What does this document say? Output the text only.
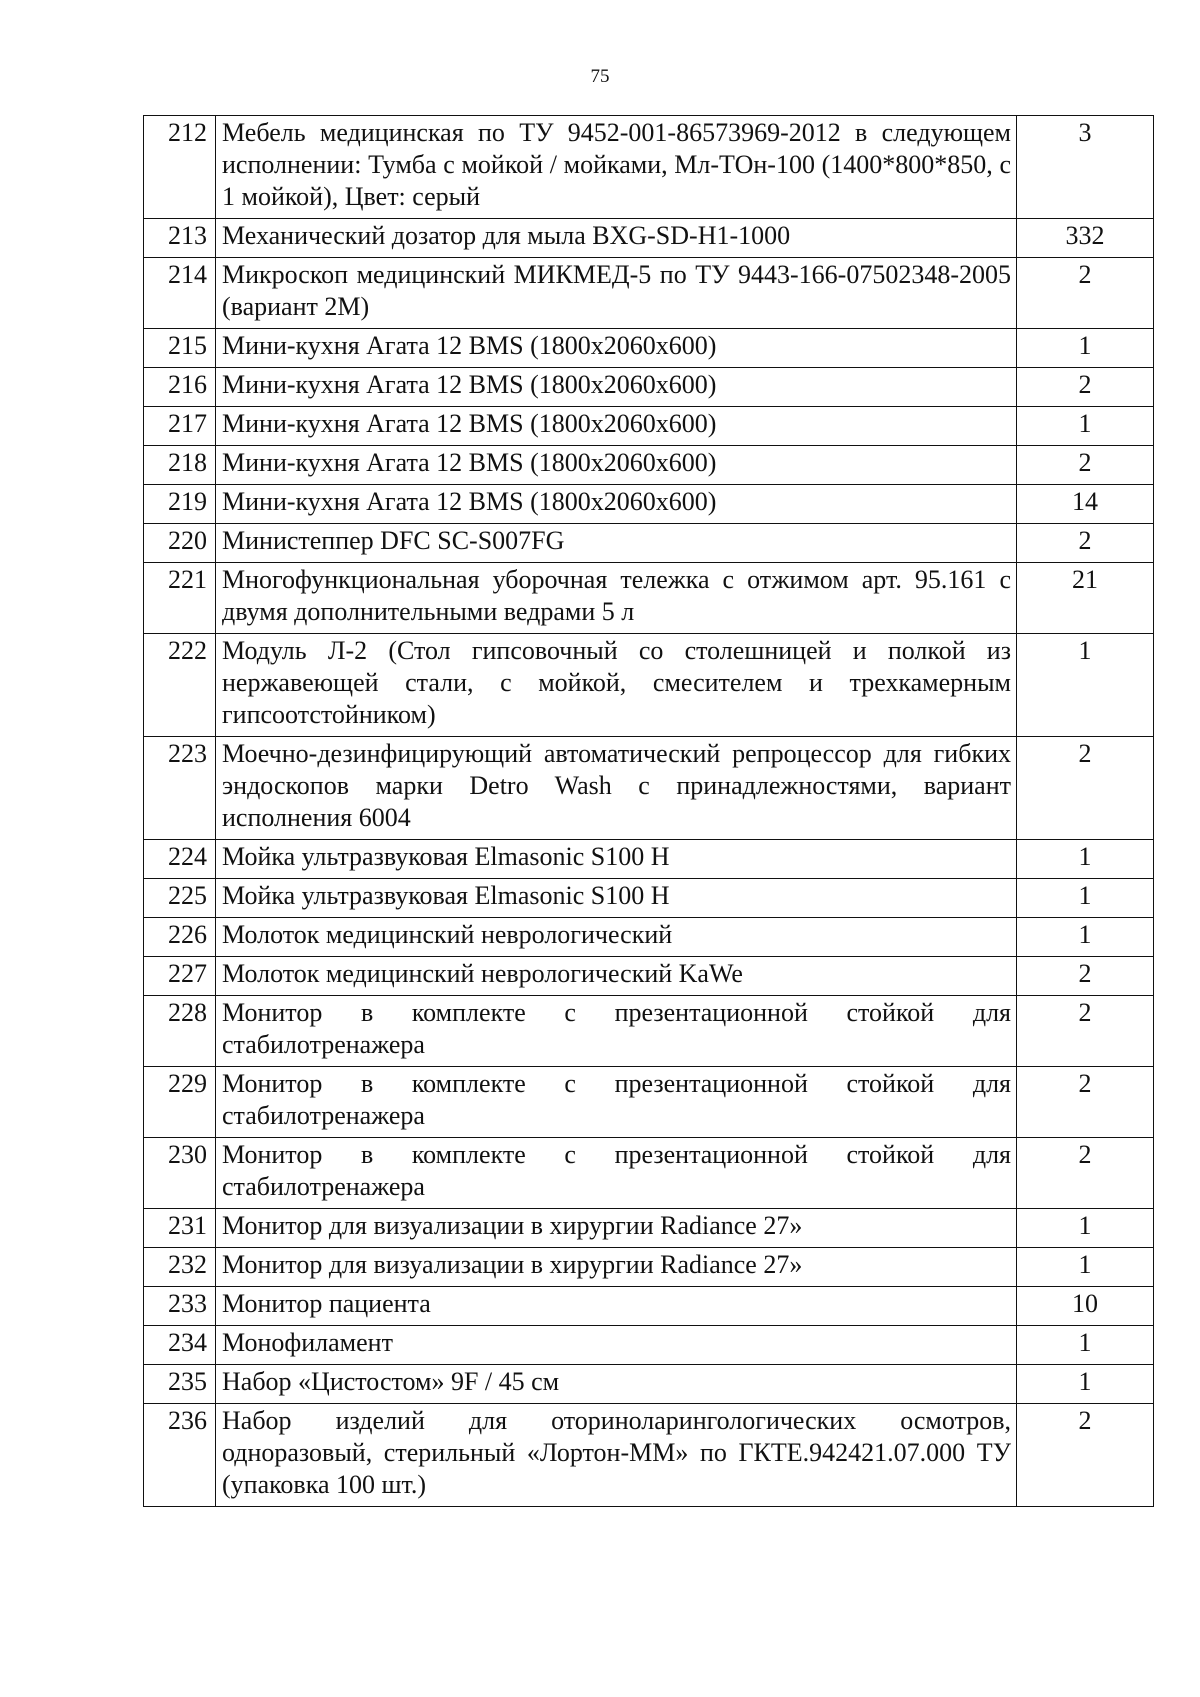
75
212	Мебель медицинская по ТУ 9452-001-86573969-2012 в следующем исполнении: Тумба с мойкой / мойками, Мл-ТОн-100 (1400*800*850, с 1 мойкой), Цвет: серый	3
213	Механический дозатор для мыла BXG-SD-H1-1000	332
214	Микроскоп медицинский МИКМЕД-5 по ТУ 9443-166-07502348-2005 (вариант 2М)	2
215	Мини-кухня Агата 12 BMS (1800х2060х600)	1
216	Мини-кухня Агата 12 BMS (1800х2060х600)	2
217	Мини-кухня Агата 12 BMS (1800х2060х600)	1
218	Мини-кухня Агата 12 BMS (1800х2060х600)	2
219	Мини-кухня Агата 12 BMS (1800х2060х600)	14
220	Министеппер DFC SC-S007FG	2
221	Многофункциональная уборочная тележка с отжимом арт. 95.161 с двумя дополнительными ведрами 5 л	21
222	Модуль Л-2 (Стол гипсовочный со столешницей и полкой из нержавеющей стали, с мойкой, смесителем и трехкамерным гипсоотстойником)	1
223	Моечно-дезинфицирующий автоматический репроцессор для гибких эндоскопов марки Detro Wash с принадлежностями, вариант исполнения 6004	2
224	Мойка ультразвуковая Elmasonic S100 H	1
225	Мойка ультразвуковая Elmasonic S100 H	1
226	Молоток медицинский неврологический	1
227	Молоток медицинский неврологический KaWe	2
228	Монитор в комплекте с презентационной стойкой для стабилотренажера	2
229	Монитор в комплекте с презентационной стойкой для стабилотренажера	2
230	Монитор в комплекте с презентационной стойкой для стабилотренажера	2
231	Монитор для визуализации в хирургии Radiance 27»	1
232	Монитор для визуализации в хирургии Radiance 27»	1
233	Монитор пациента	10
234	Монофиламент	1
235	Набор «Цистостом» 9F / 45 см	1
236	Набор изделий для оториноларингологических осмотров, одноразовый, стерильный «Лортон-ММ» по ГКТЕ.942421.07.000 ТУ (упаковка 100 шт.)	2
